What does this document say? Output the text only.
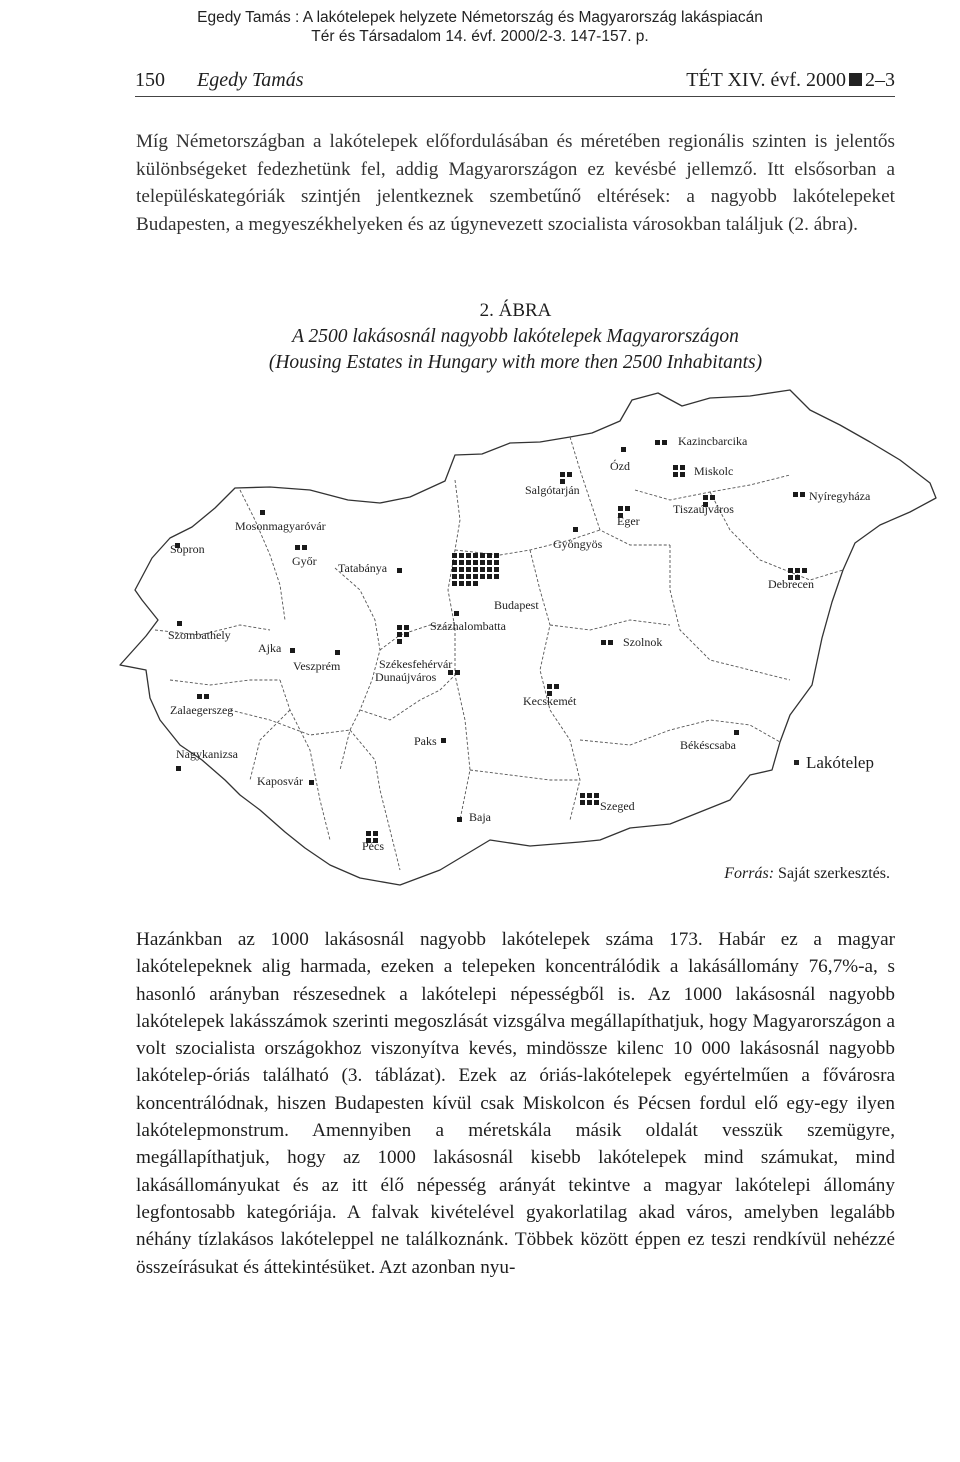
Egedy Tamás : A lakótelepek helyzete Németország és Magyarország lakáspiacán
Tér és Társadalom 14. évf. 2000/2-3. 147-157. p.
150 Egedy Tamás	TÉT XIV. évf. 2000 2–3

Míg Németországban a lakótelepek előfordulásában és méretében regionális szinten is jelentős különbségeket fedezhetünk fel, addig Magyarországon ez kevésbé jellemző. Itt elsősorban a településkategóriák szintjén jelentkeznek szembetűnő eltérések: a nagyobb lakótelepeket Budapesten, a megyeszékhelyeken és az úgynevezett szocialista városokban találjuk (2. ábra).

2. ÁBRA
A 2500 lakásosnál nagyobb lakótelepek Magyarországon
(Housing Estates in Hungary with more then 2500 Inhabitants)
Kazincbarcika
Ózd	Miskolc
Salgótarján
Tiszaújváros
Nyíregyháza
Eger
Gyöngyös
Mosonmagyaróvár
Sopron
Győr Tatabánya
Budapest
Debrecen
Százhalombatta
Szombathely
Ajka
Veszprém	Székesfehérvár
Dunaújváros
Szolnok
Zalaegerszeg
Kecskemét
Paks	Békéscsaba
Nagykanizsa
Kaposvár
Szeged
Baja
Pécs
Lakótelep
Forrás: Saját szerkesztés.

Hazánkban az 1000 lakásosnál nagyobb lakótelepek száma 173. Habár ez a magyar lakótelepeknek alig harmada, ezeken a telepeken koncentrálódik a lakásállomány 76,7%-a, s hasonló arányban részesednek a lakótelepi népességből is. Az 1000 lakásosnál nagyobb lakótelepek lakásszámok szerinti megoszlását vizsgálva megállapíthatjuk, hogy Magyarországon a volt szocialista országokhoz viszonyítva kevés, mindössze kilenc 10 000 lakásosnál nagyobb lakótelep-óriás található (3. táblázat). Ezek az óriás-lakótelepek egyértelműen a fővárosra koncentrálódnak, hiszen Budapesten kívül csak Miskolcon és Pécsen fordul elő egy-egy ilyen lakótelepmonstrum. Amennyiben a méretskála másik oldalát vesszük szemügyre, megállapíthatjuk, hogy az 1000 lakásosnál kisebb lakótelepek mind számukat, mind lakásállományukat és az itt élő népesség arányát tekintve a magyar lakótelepi állomány legfontosabb kategóriája. A falvak kivételével gyakorlatilag akad város, amelyben legalább néhány tízlakásos lakóteleppel ne találkoznánk. Többek között éppen ez teszi rendkívül nehézzé összeírásukat és áttekintésüket. Azt azonban nyu-
